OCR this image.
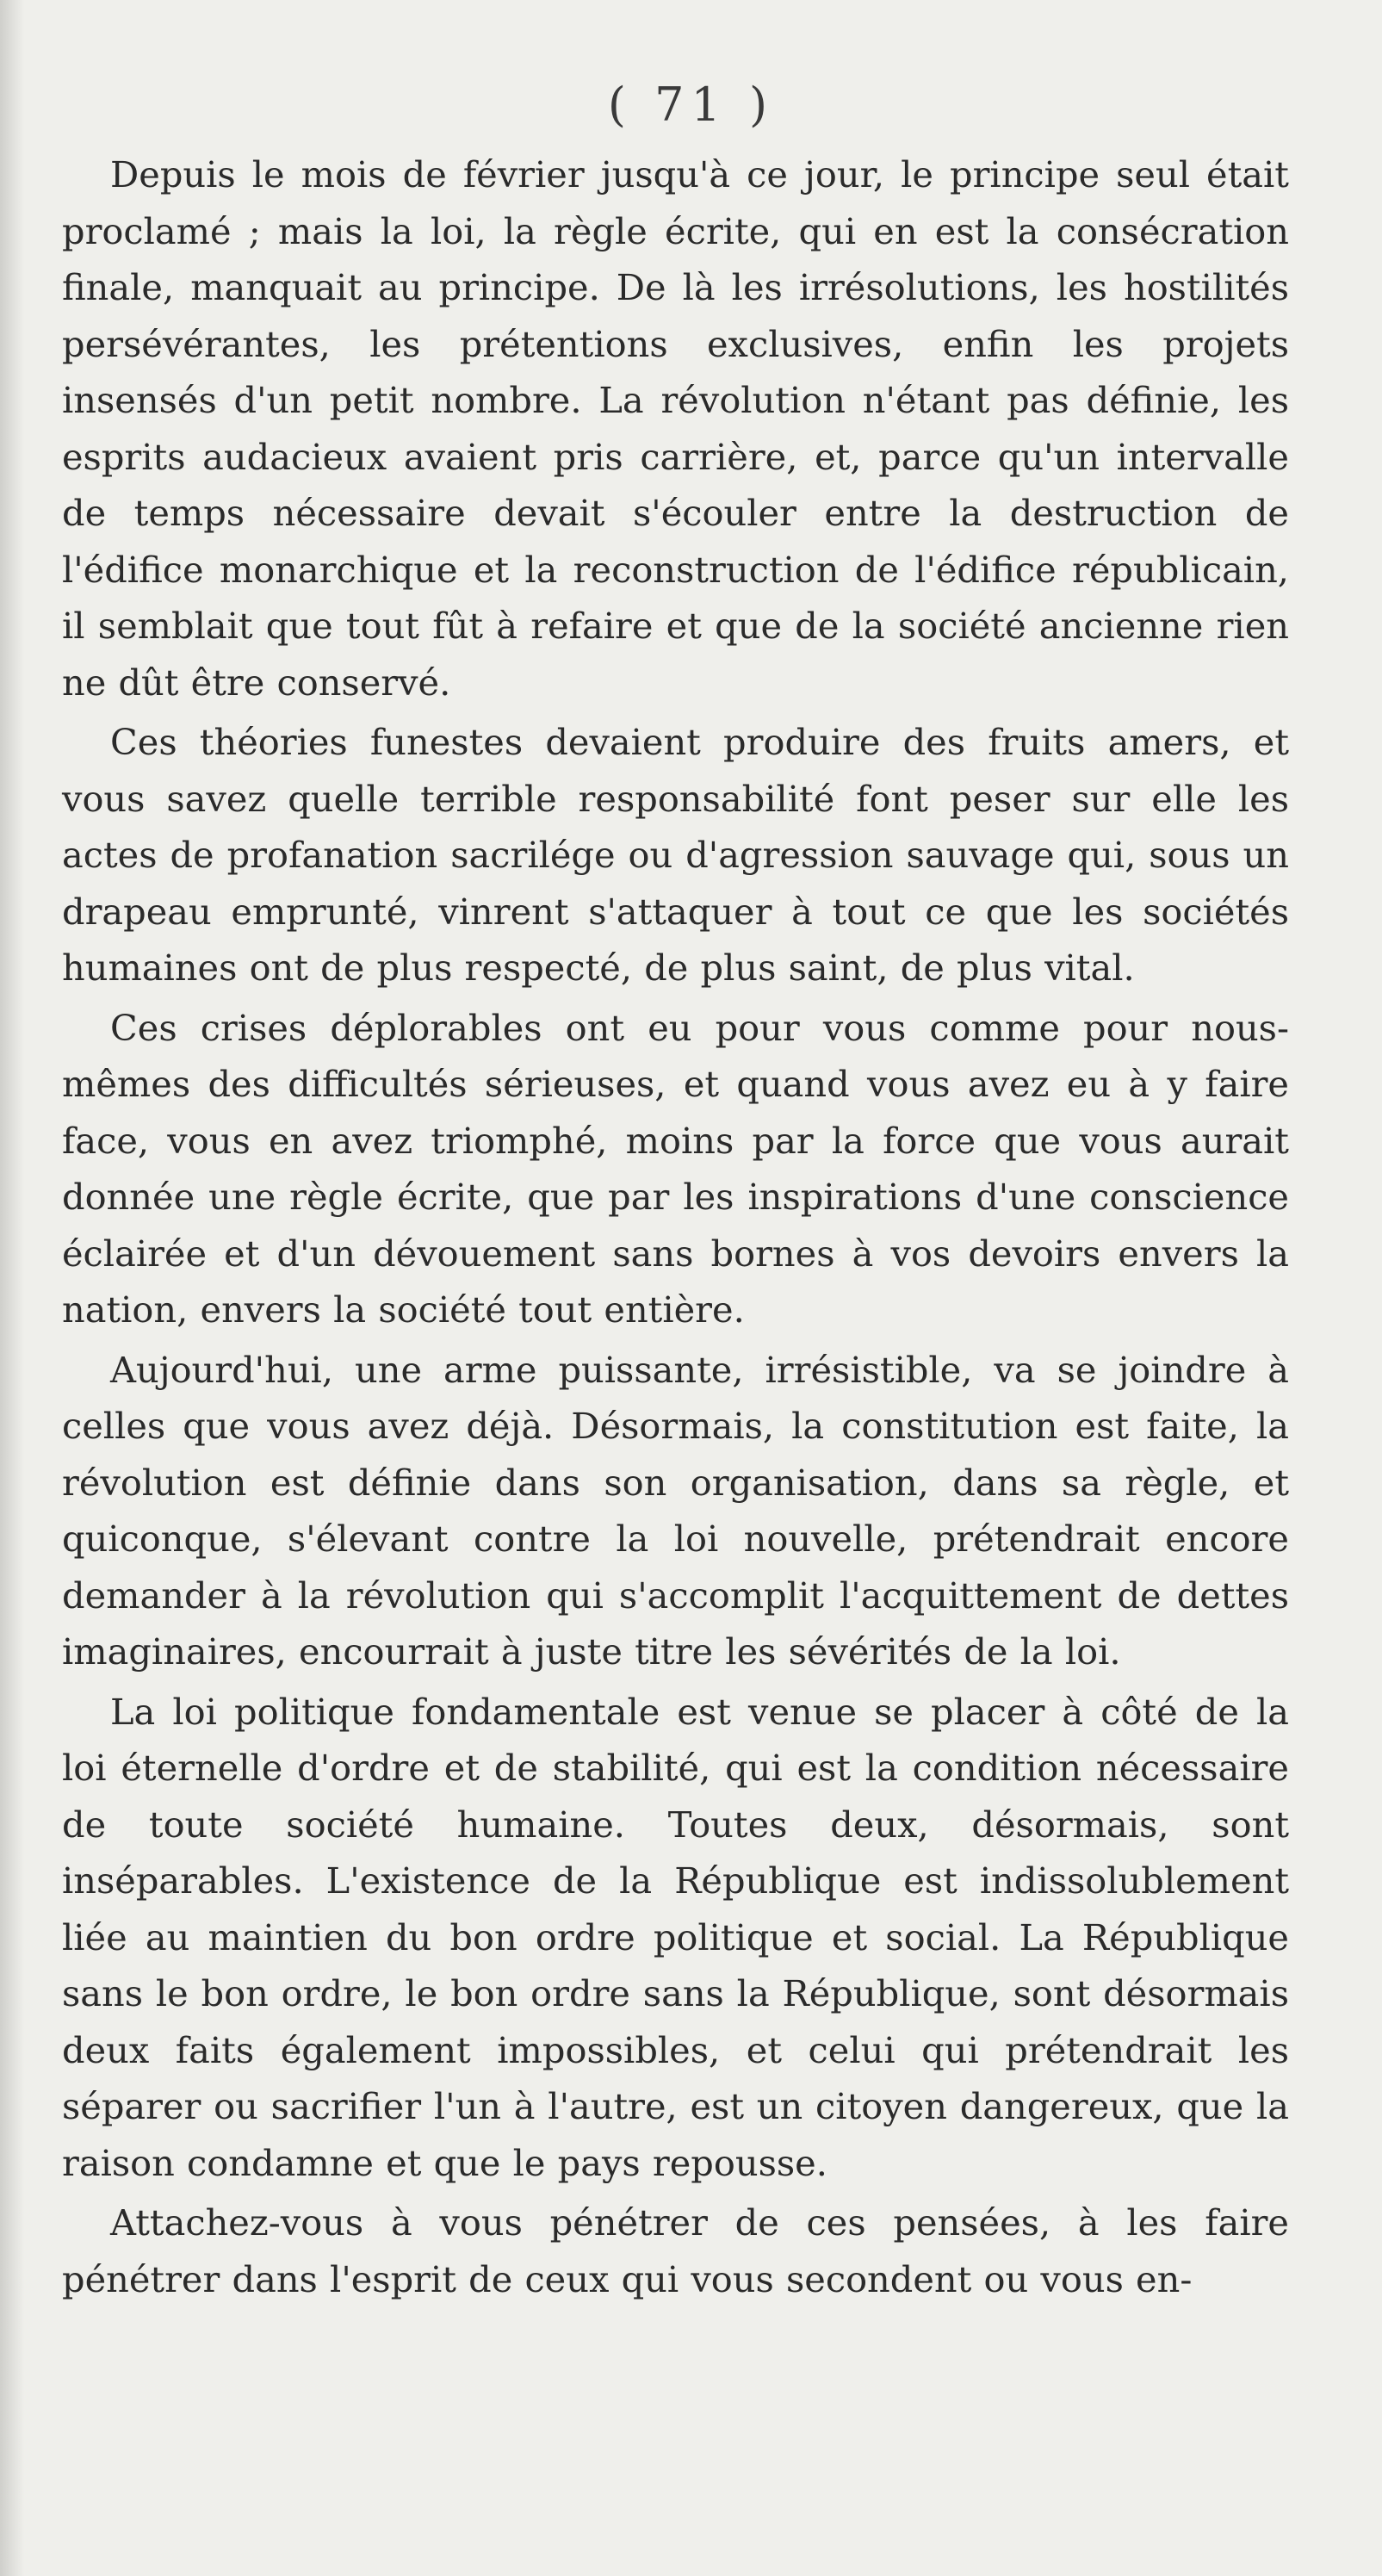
( 71 )

Depuis le mois de février jusqu'à ce jour, le principe seul était proclamé ; mais la loi, la règle écrite, qui en est la consécration finale, manquait au principe. De là les irrésolutions, les hostilités persévérantes, les prétentions exclusives, enfin les projets insensés d'un petit nombre. La révolution n'étant pas définie, les esprits audacieux avaient pris carrière, et, parce qu'un intervalle de temps nécessaire devait s'écouler entre la destruction de l'édifice monarchique et la reconstruction de l'édifice républicain, il semblait que tout fût à refaire et que de la société ancienne rien ne dût être conservé.

Ces théories funestes devaient produire des fruits amers, et vous savez quelle terrible responsabilité font peser sur elle les actes de profanation sacrilége ou d'agression sauvage qui, sous un drapeau emprunté, vinrent s'attaquer à tout ce que les sociétés humaines ont de plus respecté, de plus saint, de plus vital.

Ces crises déplorables ont eu pour vous comme pour nous-mêmes des difficultés sérieuses, et quand vous avez eu à y faire face, vous en avez triomphé, moins par la force que vous aurait donnée une règle écrite, que par les inspirations d'une conscience éclairée et d'un dévouement sans bornes à vos devoirs envers la nation, envers la société tout entière.

Aujourd'hui, une arme puissante, irrésistible, va se joindre à celles que vous avez déjà. Désormais, la constitution est faite, la révolution est définie dans son organisation, dans sa règle, et quiconque, s'élevant contre la loi nouvelle, prétendrait encore demander à la révolution qui s'accomplit l'acquittement de dettes imaginaires, encourrait à juste titre les sévérités de la loi.

La loi politique fondamentale est venue se placer à côté de la loi éternelle d'ordre et de stabilité, qui est la condition nécessaire de toute société humaine. Toutes deux, désormais, sont inséparables. L'existence de la République est indissolublement liée au maintien du bon ordre politique et social. La République sans le bon ordre, le bon ordre sans la République, sont désormais deux faits également impossibles, et celui qui prétendrait les séparer ou sacrifier l'un à l'autre, est un citoyen dangereux, que la raison condamne et que le pays repousse.

Attachez-vous à vous pénétrer de ces pensées, à les faire pénétrer dans l'esprit de ceux qui vous secondent ou vous en-
